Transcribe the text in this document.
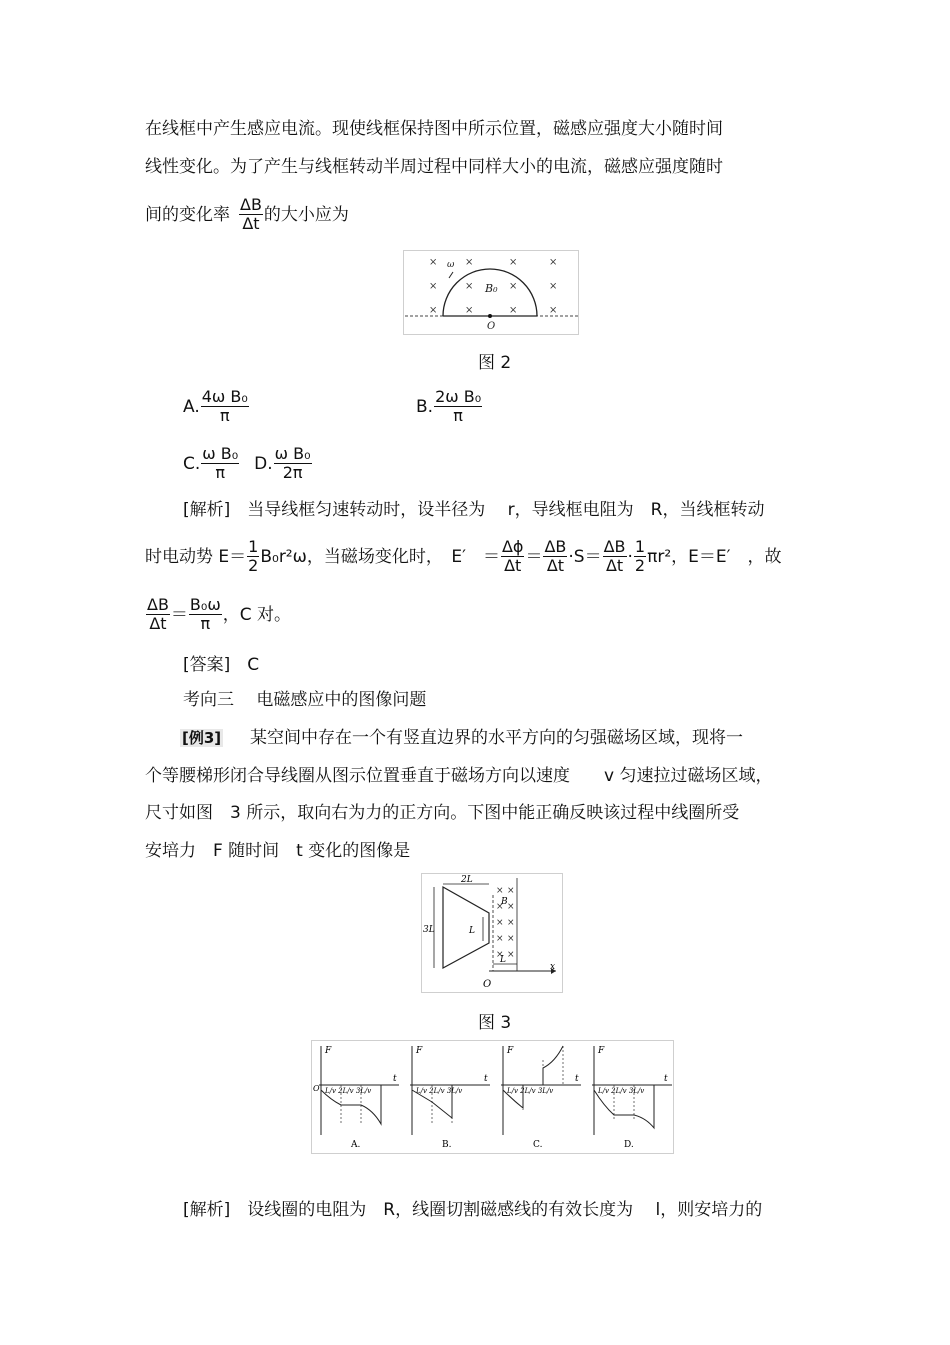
在线框中产生感应电流。现使线框保持图中所示位置，磁感应强度大小随时间
线性变化。为了产生与线框转动半周过程中同样大小的电流，磁感应强度随时
间的变化率 $\frac{\Delta B}{\Delta t}$ 的大小应为
×	×	×	×
×	×	×	×
×	×	×	×
ω
B₀
O
图 2
A. $\frac{\text{4ω B₀}}{\pi}$	B. $\frac{\text{2ω B₀}}{\pi}$
C. $\frac{\text{ω B₀}}{\pi} D$. $\frac{\text{ω B₀}}{2\pi}$
[解析]　当导线框匀速转动时，设半径为　 r，导线框电阻为　R，当线框转动
时电动势 $E= \frac{1}{2} B_0r^2\omega$，当磁场变化时，　E′　＝ $\frac{\Delta\phi}{\Delta t} = \frac{\Delta B}{\Delta t} \cdot S= \frac{\Delta B}{\Delta t} \cdot \frac{1}{2} \pi r^2$，E＝E′　，故
$\frac{\Delta B}{\Delta t} = \frac{\text{B₀ω}}{\pi}$ ，C 对。
[答案]　C
考向三　 电磁感应中的图像问题
[例3] 某空间中存在一个有竖直边界的水平方向的匀强磁场区域，现将一
个等腰梯形闭合导线圈从图示位置垂直于磁场方向以速度　　v 匀速拉过磁场区域，
尺寸如图　3 所示，取向右为力的正方向。下图中能正确反映该过程中线圈所受
安培力　F 随时间　t 变化的图像是
x
O
3L
2L
L
× ×
× ×
× ×
× ×
× ×
B
L
图 3
F
t
O L/v 2L/v 3L/v
A.
F
t
L/v 2L/v 3L/v
B.
F
t
L/v 2L/v 3L/v
C.
F
t
L/v 2L/v 3L/v
D.
[解析]　设线圈的电阻为　R，线圈切割磁感线的有效长度为　 l，则安培力的
